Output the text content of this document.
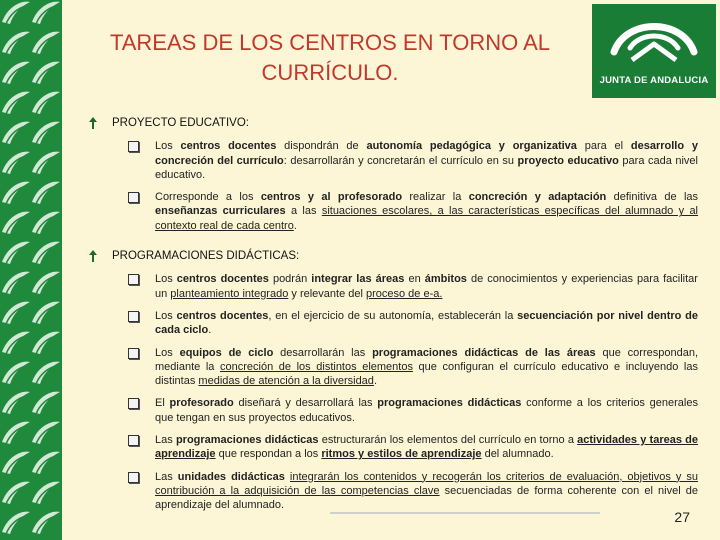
TAREAS DE LOS CENTROS EN TORNO AL
CURRÍCULO.	JUNTA DE ANDALUCIA
PROYECTO EDUCATIVO:
Los centros docentes dispondrán de autonomía pedagógica y organizativa para el desarrollo y concreción del currículo: desarrollarán y concretarán el currículo en su proyecto educativo para cada nivel educativo.
Corresponde a los centros y al profesorado realizar la concreción y adaptación definitiva de las enseñanzas curriculares a las situaciones escolares, a las características específicas del alumnado y al contexto real de cada centro.
PROGRAMACIONES DIDÁCTICAS:
Los centros docentes podrán integrar las áreas en ámbitos de conocimientos y experiencias para facilitar un planteamiento integrado y relevante del proceso de e-a.
Los centros docentes, en el ejercicio de su autonomía, establecerán la secuenciación por nivel dentro de cada ciclo.
Los equipos de ciclo desarrollarán las programaciones didácticas de las áreas que correspondan, mediante la concreción de los distintos elementos que configuran el currículo educativo e incluyendo las distintas medidas de atención a la diversidad.
El profesorado diseñará y desarrollará las programaciones didácticas conforme a los criterios generales que tengan en sus proyectos educativos.
Las programaciones didácticas estructurarán los elementos del currículo en torno a actividades y tareas de aprendizaje que respondan a los ritmos y estilos de aprendizaje del alumnado.
Las unidades didácticas integrarán los contenidos y recogerán los criterios de evaluación, objetivos y su contribución a la adquisición de las competencias clave secuenciadas de forma coherente con el nivel de aprendizaje del alumnado.
27
